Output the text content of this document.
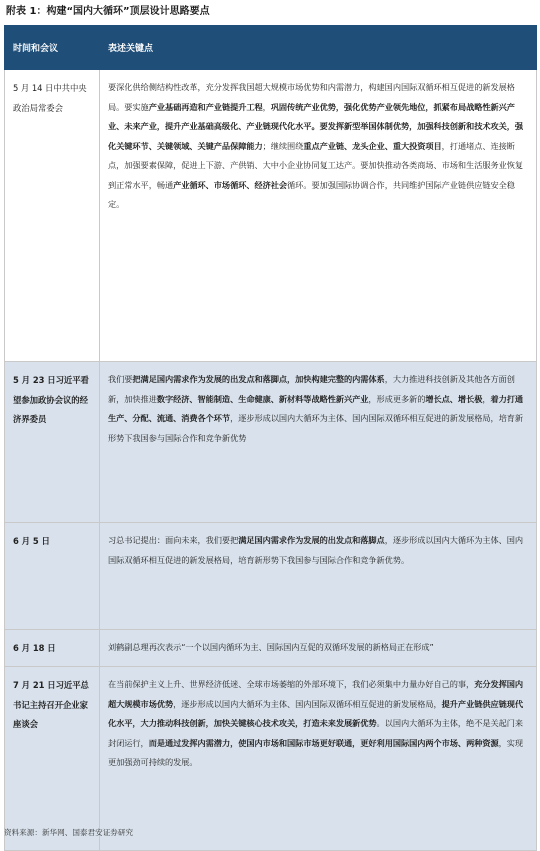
附表 1：构建“国内大循环”顶层设计思路要点
时间和会议	表述关键点
5 月 14 日中共中央政治局常委会	要深化供给侧结构性改革，充分发挥我国超大规模市场优势和内需潜力，构建国内国际双循环相互促进的新发展格局。要实施产业基础再造和产业链提升工程，巩固传统产业优势，强化优势产业领先地位，抓紧布局战略性新兴产业、未来产业，提升产业基础高级化、产业链现代化水平。要发挥新型举国体制优势，加强科技创新和技术攻关，强化关键环节、关键领域、关键产品保障能力；继续围绕重点产业链、龙头企业、重大投资项目，打通堵点、连接断点，加强要素保障，促进上下游、产供销、大中小企业协同复工达产。要加快推动各类商场、市场和生活服务业恢复到正常水平，畅通产业循环、市场循环、经济社会循环。要加强国际协调合作，共同维护国际产业链供应链安全稳定。
5 月 23 日习近平看望参加政协会议的经济界委员	我们要把满足国内需求作为发展的出发点和落脚点，加快构建完整的内需体系，大力推进科技创新及其他各方面创新，加快推进数字经济、智能制造、生命健康、新材料等战略性新兴产业，形成更多新的增长点、增长极，着力打通生产、分配、流通、消费各个环节，逐步形成以国内大循环为主体、国内国际双循环相互促进的新发展格局，培育新形势下我国参与国际合作和竞争新优势
6 月 5 日	习总书记提出：面向未来，我们要把满足国内需求作为发展的出发点和落脚点，逐步形成以国内大循环为主体、国内国际双循环相互促进的新发展格局，培育新形势下我国参与国际合作和竞争新优势。
6 月 18 日	刘鹤副总理再次表示“一个以国内循环为主、国际国内互促的双循环发展的新格局正在形成”
7 月 21 日习近平总书记主持召开企业家座谈会	在当前保护主义上升、世界经济低迷、全球市场萎缩的外部环境下，我们必须集中力量办好自己的事，充分发挥国内超大规模市场优势，逐步形成以国内大循环为主体、国内国际双循环相互促进的新发展格局，提升产业链供应链现代化水平，大力推动科技创新，加快关键核心技术攻关，打造未来发展新优势。以国内大循环为主体，绝不是关起门来封闭运行，而是通过发挥内需潜力，使国内市场和国际市场更好联通，更好利用国际国内两个市场、两种资源，实现更加强劲可持续的发展。
资料来源：新华网、国泰君安证券研究
